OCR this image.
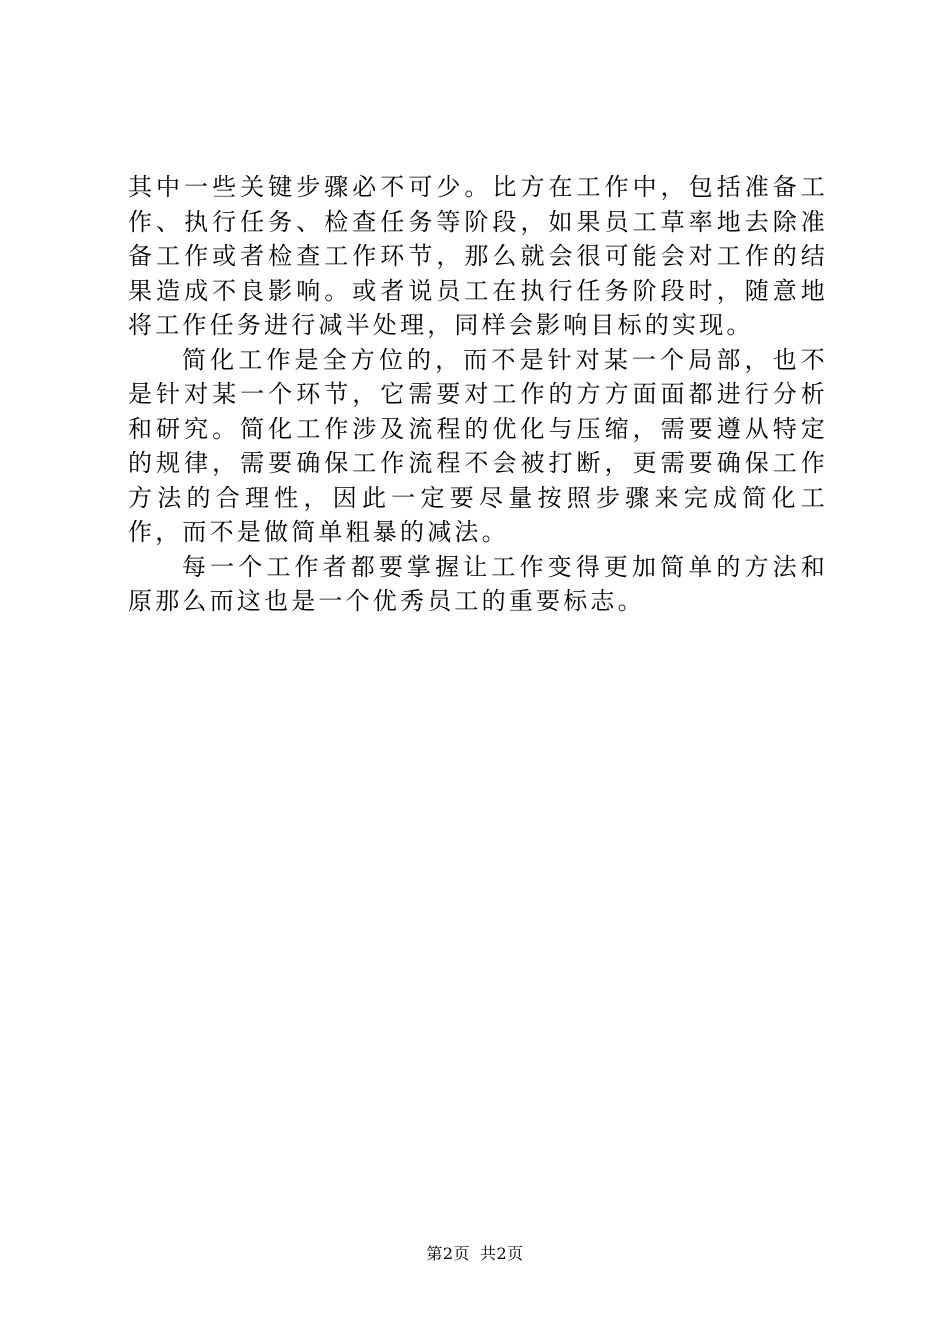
其中一些关键步骤必不可少。比方在工作中，包括准备工作、执行任务、检查任务等阶段，如果员工草率地去除准备工作或者检查工作环节，那么就会很可能会对工作的结果造成不良影响。或者说员工在执行任务阶段时，随意地将工作任务进行减半处理，同样会影响目标的实现。

简化工作是全方位的，而不是针对某一个局部，也不是针对某一个环节，它需要对工作的方方面面都进行分析和研究。简化工作涉及流程的优化与压缩，需要遵从特定的规律，需要确保工作流程不会被打断，更需要确保工作方法的合理性，因此一定要尽量按照步骤来完成简化工作，而不是做简单粗暴的减法。

每一个工作者都要掌握让工作变得更加简单的方法和原那么而这也是一个优秀员工的重要标志。

第2页 共2页
